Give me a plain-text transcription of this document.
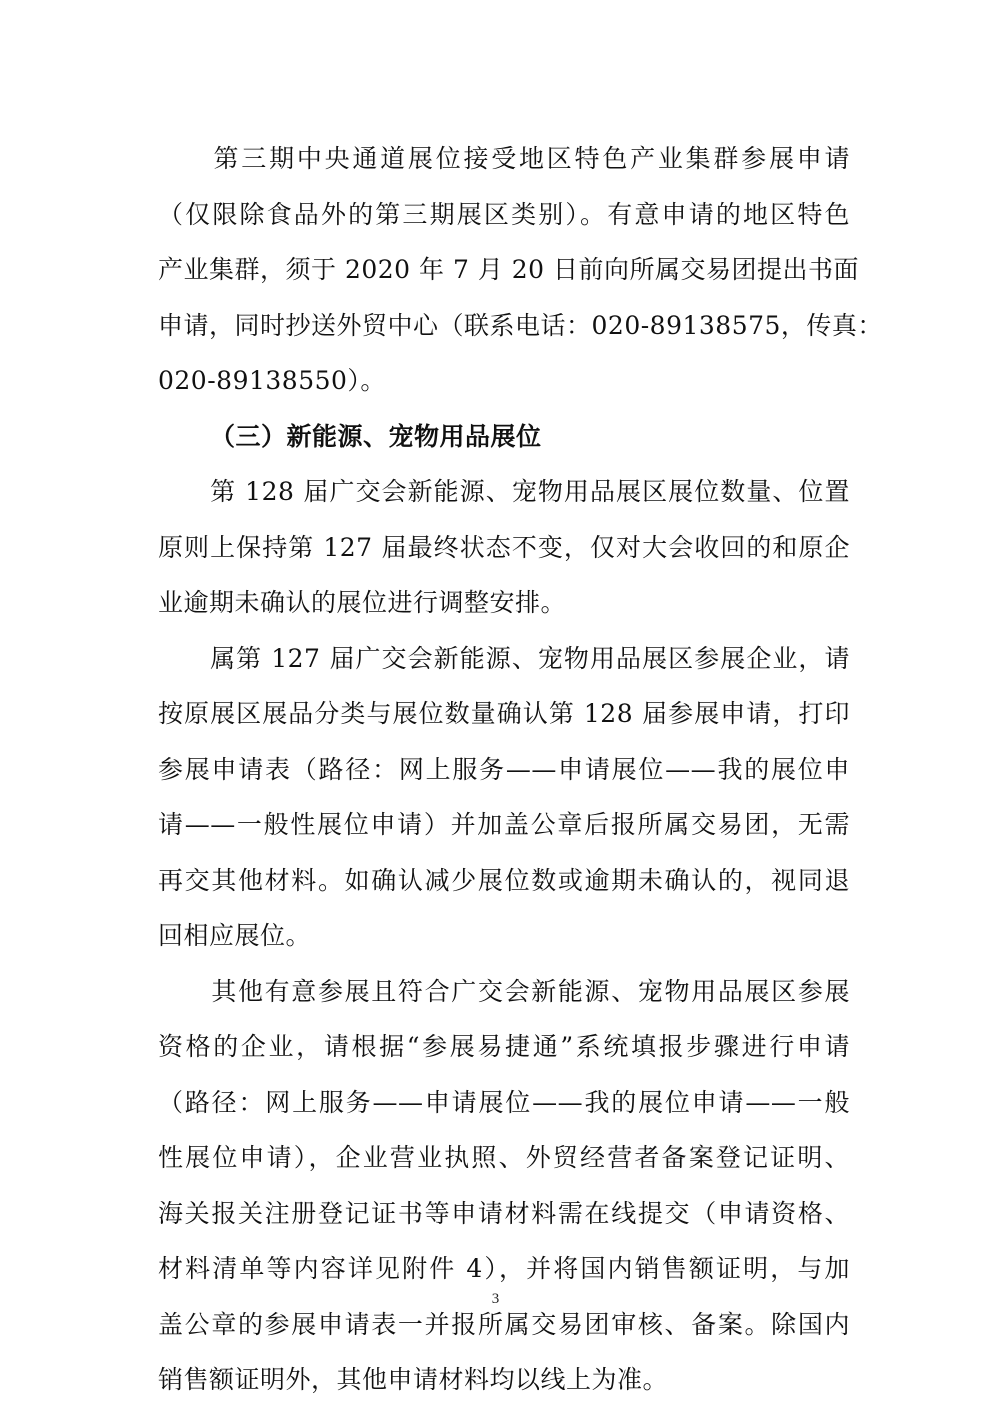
　　第三期中央通道展位接受地区特色产业集群参展申请
（仅限除食品外的第三期展区类别）。有意申请的地区特色
产业集群，须于 2020 年 7 月 20 日前向所属交易团提出书面
申请，同时抄送外贸中心（联系电话：020-89138575，传真：
020-89138550）。
（三）新能源、宠物用品展位
　　第 128 届广交会新能源、宠物用品展区展位数量、位置
原则上保持第 127 届最终状态不变，仅对大会收回的和原企
业逾期未确认的展位进行调整安排。
　　属第 127 届广交会新能源、宠物用品展区参展企业，请
按原展区展品分类与展位数量确认第 128 届参展申请，打印
参展申请表（路径：网上服务——申请展位——我的展位申
请——一般性展位申请）并加盖公章后报所属交易团，无需
再交其他材料。如确认减少展位数或逾期未确认的，视同退
回相应展位。
　　其他有意参展且符合广交会新能源、宠物用品展区参展
资格的企业，请根据“参展易捷通”系统填报步骤进行申请
（路径：网上服务——申请展位——我的展位申请——一般
性展位申请），企业营业执照、外贸经营者备案登记证明、
海关报关注册登记证书等申请材料需在线提交（申请资格、
材料清单等内容详见附件 4），并将国内销售额证明，与加
盖公章的参展申请表一并报所属交易团审核、备案。除国内
销售额证明外，其他申请材料均以线上为准。
3
